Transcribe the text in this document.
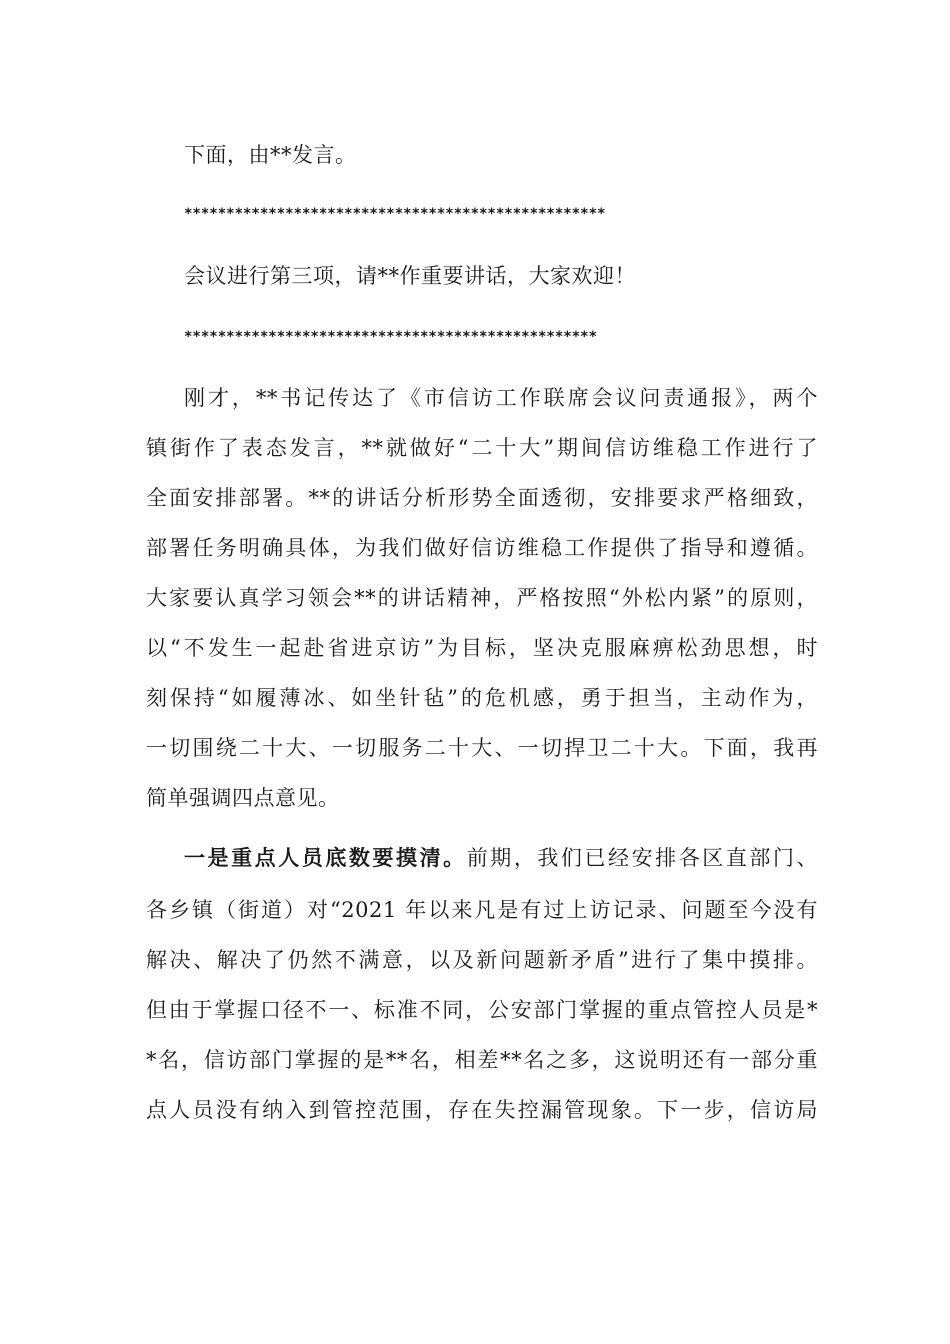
下面，由**发言。
**************************************************
会议进行第三项，请**作重要讲话，大家欢迎！
*************************************************
刚才，**书记传达了《市信访工作联席会议问责通报》，两个
镇街作了表态发言，**就做好“二十大”期间信访维稳工作进行了
全面安排部署。**的讲话分析形势全面透彻，安排要求严格细致，
部署任务明确具体，为我们做好信访维稳工作提供了指导和遵循。
大家要认真学习领会**的讲话精神，严格按照“外松内紧”的原则，
以“不发生一起赴省进京访”为目标，坚决克服麻痹松劲思想，时
刻保持“如履薄冰、如坐针毡”的危机感，勇于担当，主动作为，
一切围绕二十大、一切服务二十大、一切捍卫二十大。下面，我再
简单强调四点意见。
一是重点人员底数要摸清。前期，我们已经安排各区直部门、
各乡镇（街道）对“2021 年以来凡是有过上访记录、问题至今没有
解决、解决了仍然不满意，以及新问题新矛盾”进行了集中摸排。
但由于掌握口径不一、标准不同，公安部门掌握的重点管控人员是*
*名，信访部门掌握的是**名，相差**名之多，这说明还有一部分重
点人员没有纳入到管控范围，存在失控漏管现象。下一步，信访局
